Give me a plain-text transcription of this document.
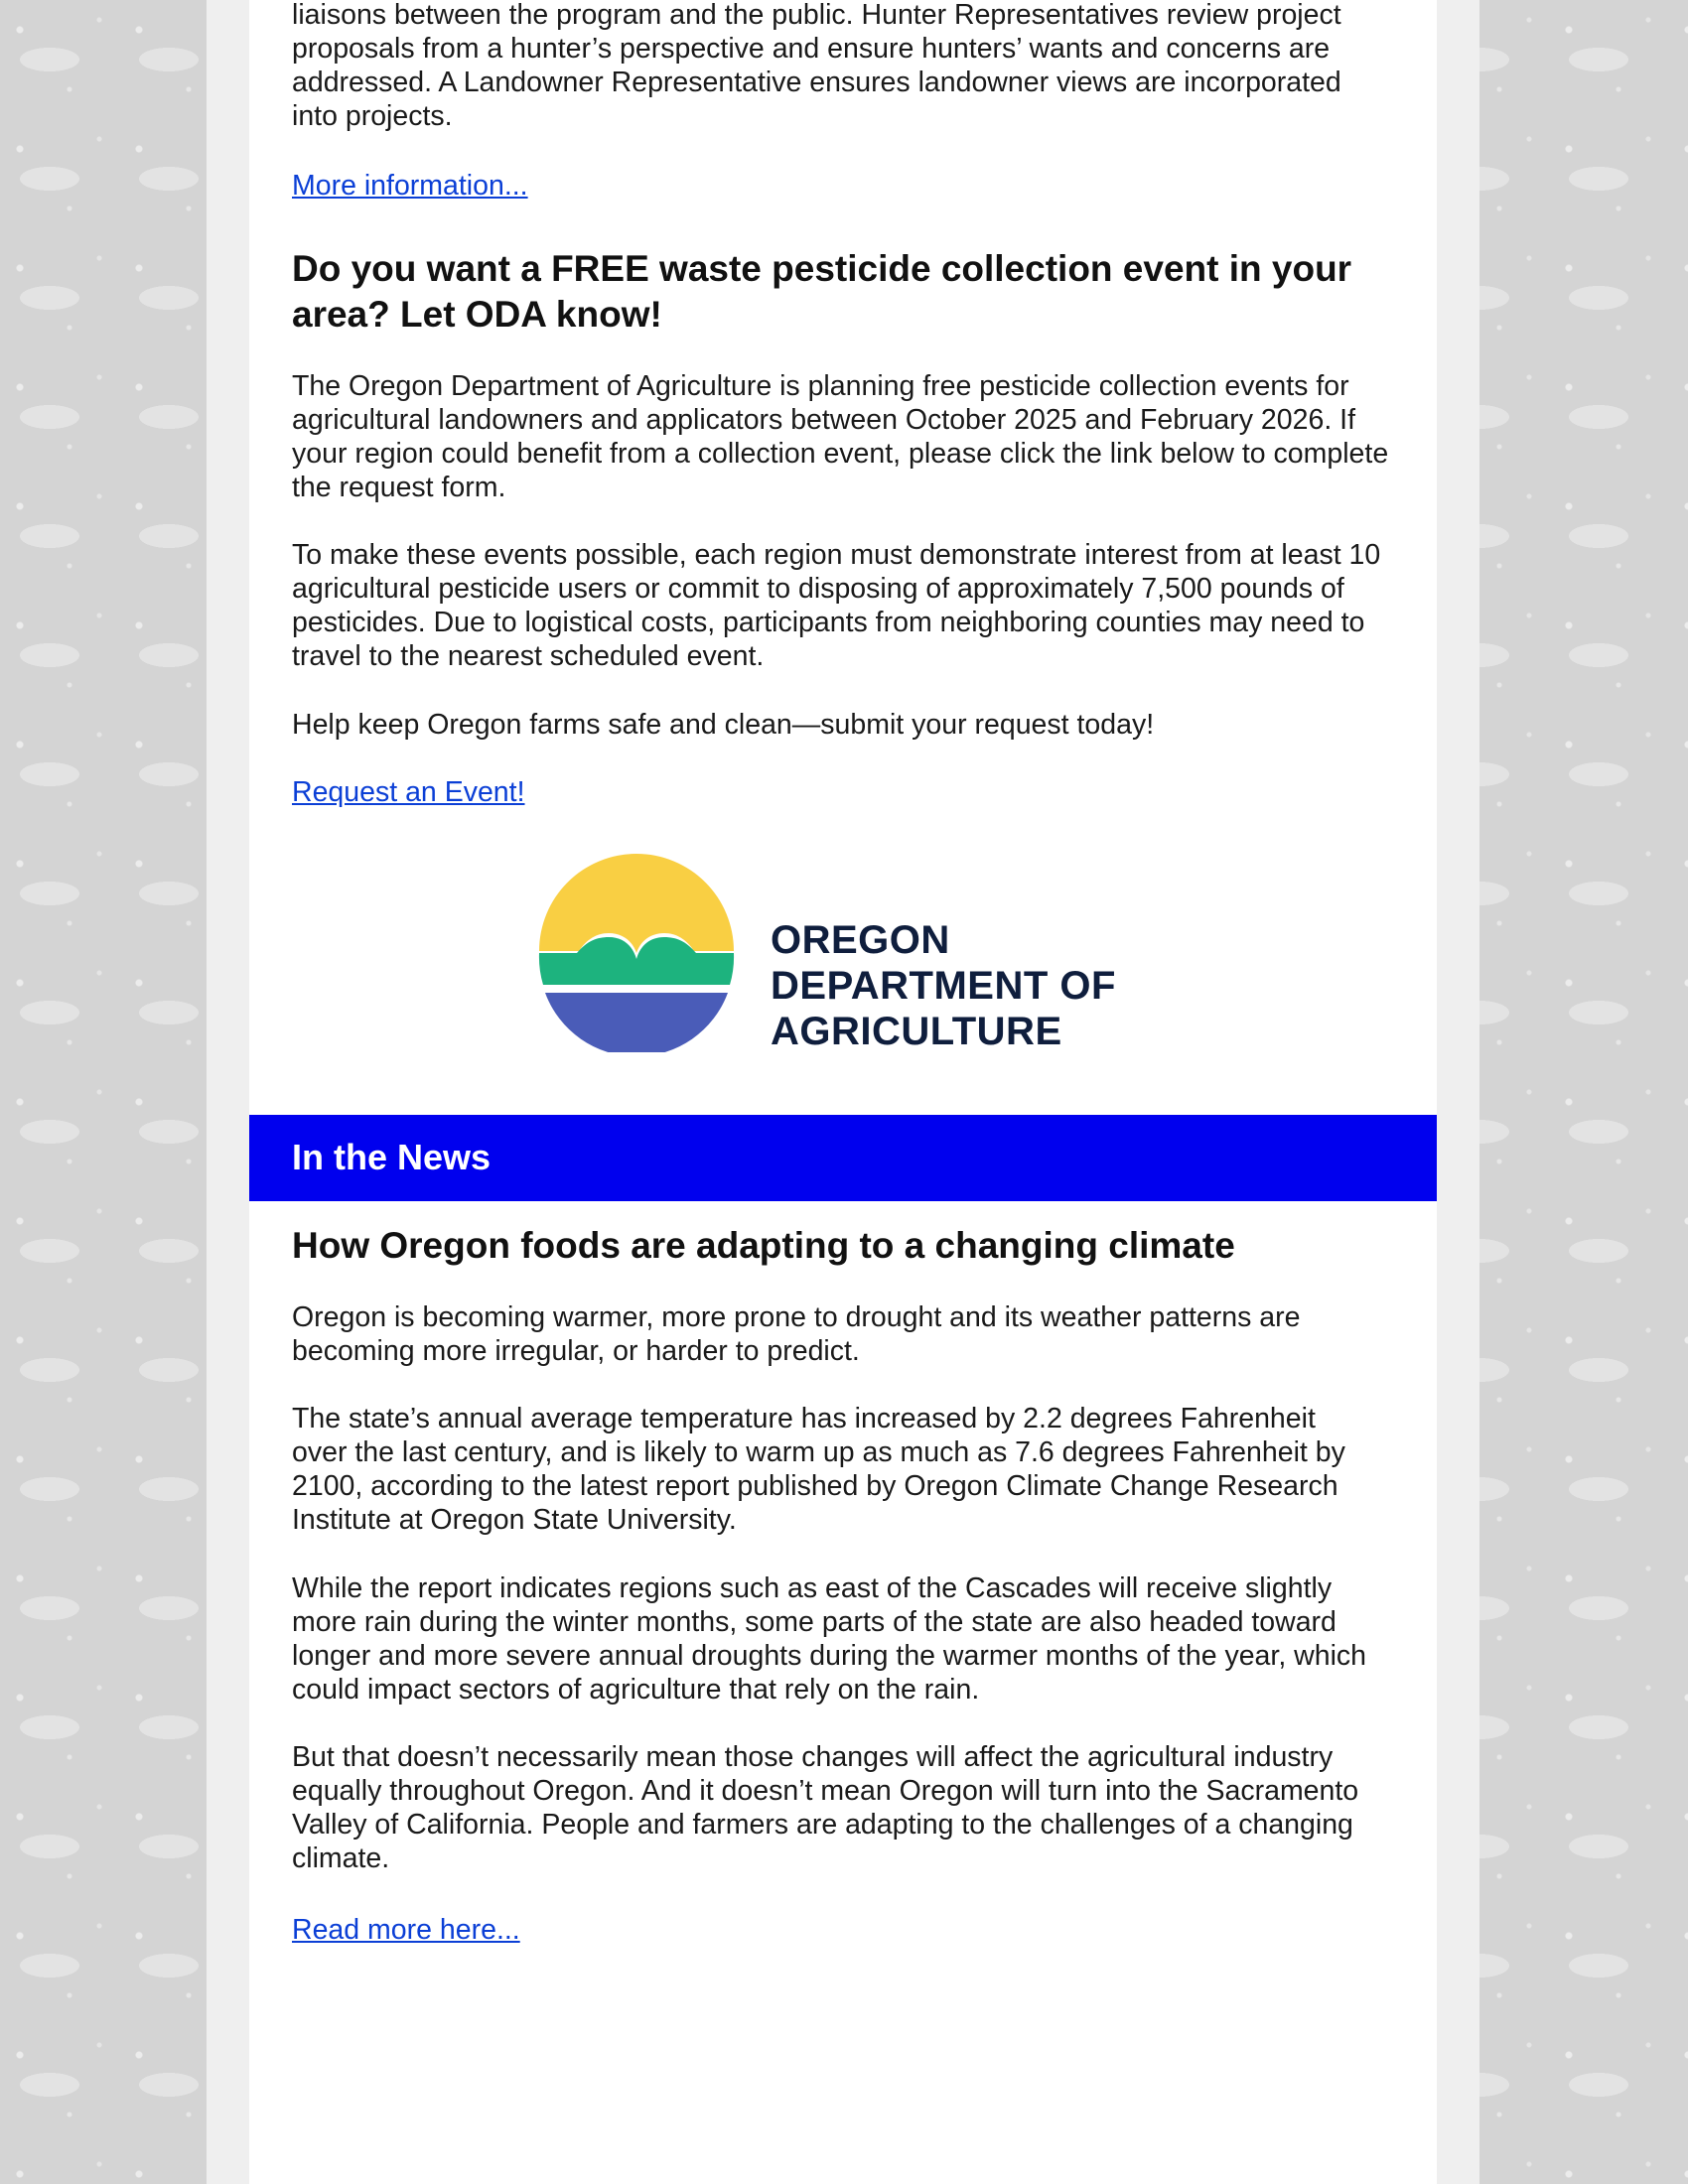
liaisons between the program and the public. Hunter Representatives review project proposals from a hunter’s perspective and ensure hunters’ wants and concerns are addressed. A Landowner Representative ensures landowner views are incorporated into projects.

More information...
Do you want a FREE waste pesticide collection event in your area? Let ODA know!

The Oregon Department of Agriculture is planning free pesticide collection events for agricultural landowners and applicators between October 2025 and February 2026. If your region could benefit from a collection event, please click the link below to complete the request form.

To make these events possible, each region must demonstrate interest from at least 10 agricultural pesticide users or commit to disposing of approximately 7,500 pounds of pesticides. Due to logistical costs, participants from neighboring counties may need to travel to the nearest scheduled event.

Help keep Oregon farms safe and clean—submit your request today!

Request an Event!
OREGON
DEPARTMENT OF
AGRICULTURE
In the News
How Oregon foods are adapting to a changing climate

Oregon is becoming warmer, more prone to drought and its weather patterns are becoming more irregular, or harder to predict.

The state’s annual average temperature has increased by 2.2 degrees Fahrenheit over the last century, and is likely to warm up as much as 7.6 degrees Fahrenheit by 2100, according to the latest report published by Oregon Climate Change Research Institute at Oregon State University.

While the report indicates regions such as east of the Cascades will receive slightly more rain during the winter months, some parts of the state are also headed toward longer and more severe annual droughts during the warmer months of the year, which could impact sectors of agriculture that rely on the rain.

But that doesn’t necessarily mean those changes will affect the agricultural industry equally throughout Oregon. And it doesn’t mean Oregon will turn into the Sacramento Valley of California. People and farmers are adapting to the challenges of a changing climate.

Read more here...
